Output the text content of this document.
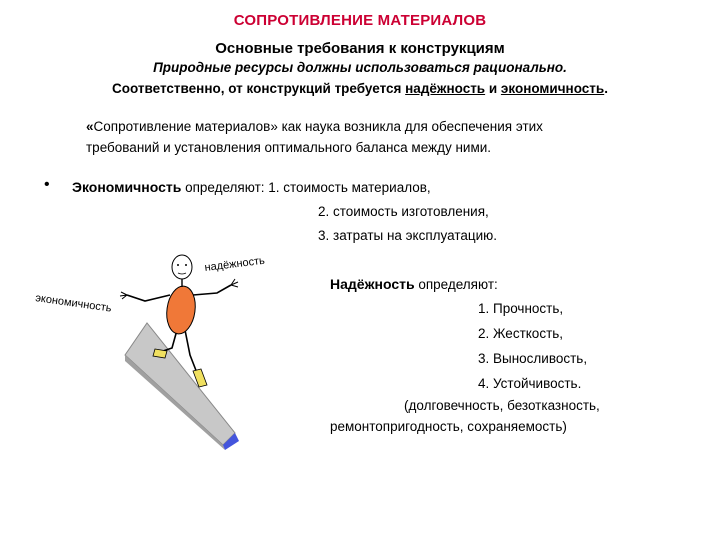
СОПРОТИВЛЕНИЕ МАТЕРИАЛОВ
Основные требования к конструкциям
Природные ресурсы должны использоваться рационально.
Соответственно, от конструкций требуется надёжность и экономичность.
«Сопротивление материалов» как наука возникла для обеспечения этих
требований и установления оптимального баланса между ними.
• Экономичность определяют: 1. стоимость материалов,
2. стоимость изготовления,
3. затраты на эксплуатацию.
Надёжность определяют:
1. Прочность,
2. Жесткость,
3. Выносливость,
4. Устойчивость.
(долговечность, безотказность,
ремонтопригодность, сохраняемость)
экономичность
надёжность
